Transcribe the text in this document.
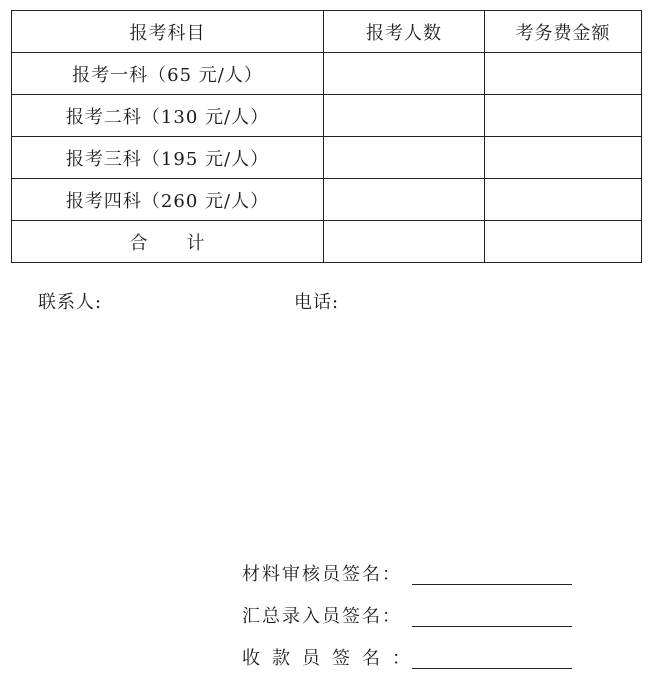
报考科目	报考人数	考务费金额
报考一科（65 元/人）		
报考二科（130 元/人）		
报考三科（195 元/人）		
报考四科（260 元/人）		
合　　计		
联系人:	电话:
材料审核员签名：
汇总录入员签名：
收款员签名：
